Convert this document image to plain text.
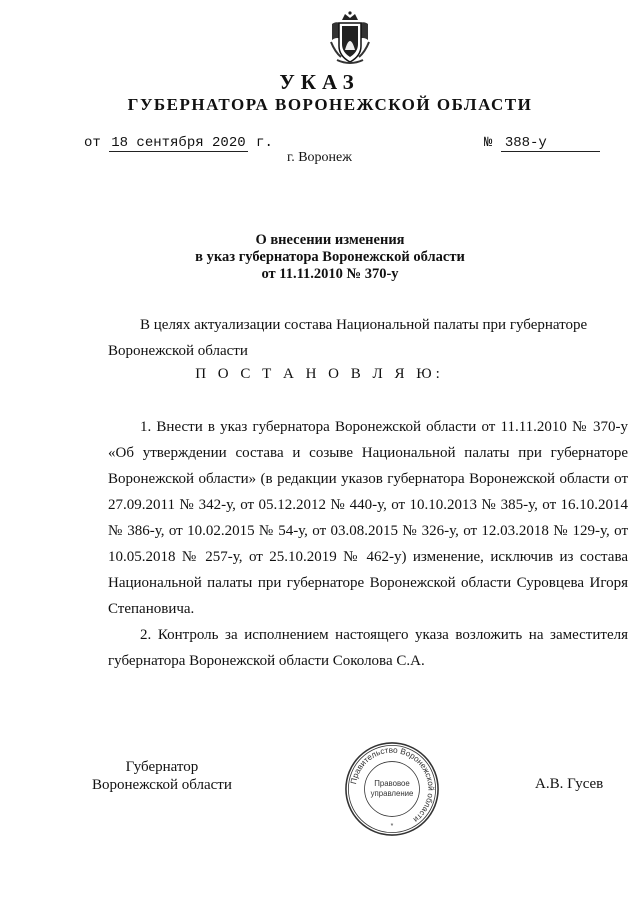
УКАЗ
ГУБЕРНАТОРА ВОРОНЕЖСКОЙ ОБЛАСТИ
от 18 сентября 2020 г.	№ 388-у
г. Воронеж
О внесении изменения
в указ губернатора Воронежской области
от 11.11.2010 № 370-у
В целях актуализации состава Национальной палаты при губернаторе
Воронежской области
П О С Т А Н О В Л Я Ю:

1. Внести в указ губернатора Воронежской области от 11.11.2010 № 370-у «Об утверждении состава и созыве Национальной палаты при губернаторе Воронежской области» (в редакции указов губернатора Воронежской области от 27.09.2011 № 342-у, от 05.12.2012 № 440-у, от 10.10.2013 № 385-у, от 16.10.2014 № 386-у, от 10.02.2015 № 54-у, от 03.08.2015 № 326-у, от 12.03.2018 № 129-у, от 10.05.2018 № 257-у, от 25.10.2019 № 462-у) изменение, исключив из состава Национальной палаты при губернаторе Воронежской области Суровцева Игоря Степановича.

2. Контроль за исполнением настоящего указа возложить на заместителя губернатора Воронежской области Соколова С.А.

Губернатор
Воронежской области	Правительство Воронежской области
Правовое
управление
*
А.В. Гусев
